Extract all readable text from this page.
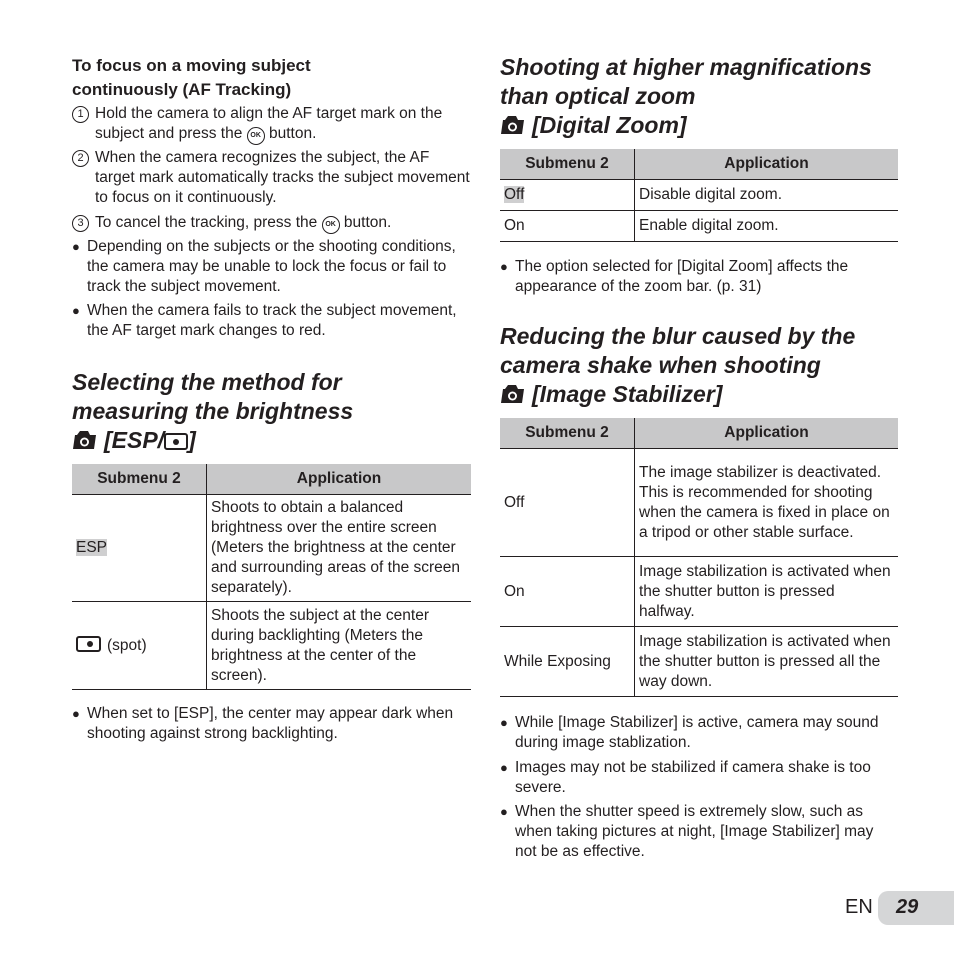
To focus on a moving subject
continuously (AF Tracking)
1 Hold the camera to align the AF target mark on the subject and press the OK button.
2 When the camera recognizes the subject, the AF target mark automatically tracks the subject movement to focus on it continuously.
3 To cancel the tracking, press the OK button.
● Depending on the subjects or the shooting conditions, the camera may be unable to lock the focus or fail to track the subject movement.
● When the camera fails to track the subject movement, the AF target mark changes to red.
Selecting the method for
measuring the brightness
[ESP/ ]
Submenu 2	Application
ESP	Shoots to obtain a balanced brightness over the entire screen (Meters the brightness at the center and surrounding areas of the screen separately).
(spot)	Shoots the subject at the center during backlighting (Meters the brightness at the center of the screen).
● When set to [ESP], the center may appear dark when shooting against strong backlighting.
Shooting at higher magnifications
than optical zoom
[Digital Zoom]
Submenu 2	Application
Off	Disable digital zoom.
On	Enable digital zoom.
● The option selected for [Digital Zoom] affects the appearance of the zoom bar. (p. 31)
Reducing the blur caused by the
camera shake when shooting
[Image Stabilizer]
Submenu 2	Application
Off	The image stabilizer is deactivated. This is recommended for shooting when the camera is fixed in place on a tripod or other stable surface.
On	Image stabilization is activated when the shutter button is pressed halfway.
While Exposing	Image stabilization is activated when the shutter button is pressed all the way down.
● While [Image Stabilizer] is active, camera may sound during image stablization.
● Images may not be stabilized if camera shake is too severe.
● When the shutter speed is extremely slow, such as when taking pictures at night, [Image Stabilizer] may not be as effective.
EN 29
